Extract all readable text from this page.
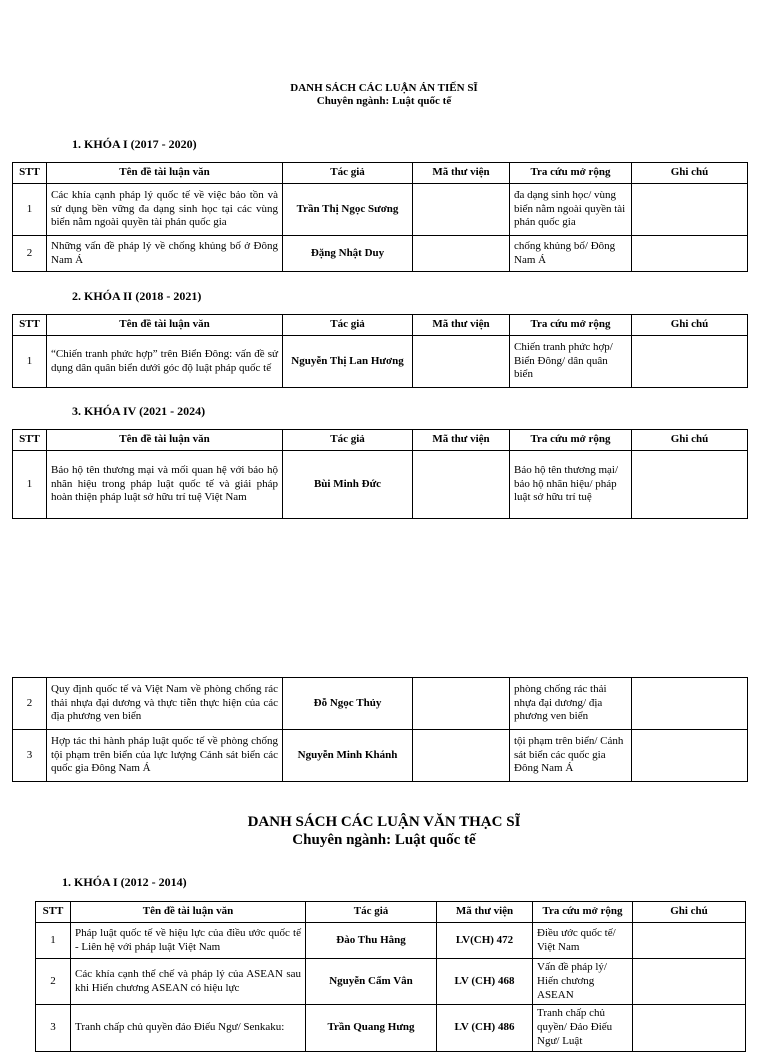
DANH SÁCH CÁC LUẬN ÁN TIẾN SĨ
Chuyên ngành: Luật quốc tế
1. KHÓA I (2017 - 2020)
STT	Tên đề tài luận văn	Tác giả	Mã thư viện	Tra cứu mở rộng	Ghi chú
1	Các khía cạnh pháp lý quốc tế về việc bảo tồn và sử dụng bền vững đa dạng sinh học tại các vùng biển nằm ngoài quyền tài phán quốc gia	Trần Thị Ngọc Sương		đa dạng sinh học/ vùng biển nằm ngoài quyền tài phán quốc gia	
2	Những vấn đề pháp lý về chống khủng bố ở Đông Nam Á	Đặng Nhật Duy		chống khủng bố/ Đông Nam Á	
2. KHÓA II (2018 - 2021)
STT	Tên đề tài luận văn	Tác giả	Mã thư viện	Tra cứu mở rộng	Ghi chú
1	“Chiến tranh phức hợp” trên Biển Đông: vấn đề sử dụng dân quân biển dưới góc độ luật pháp quốc tế	Nguyễn Thị Lan Hương		Chiến tranh phức hợp/ Biển Đông/ dân quân biển	
3. KHÓA IV (2021 - 2024)
STT	Tên đề tài luận văn	Tác giả	Mã thư viện	Tra cứu mở rộng	Ghi chú
1	Bảo hộ tên thương mại và mối quan hệ với bảo hộ nhãn hiệu trong pháp luật quốc tế và giải pháp hoàn thiện pháp luật sở hữu trí tuệ Việt Nam	Bùi Minh Đức		Bảo hộ tên thương mại/ bảo hộ nhãn hiệu/ pháp luật sở hữu trí tuệ	
2	Quy định quốc tế và Việt Nam về phòng chống rác thải nhựa đại dương và thực tiễn thực hiện của các địa phương ven biển	Đỗ Ngọc Thủy		phòng chống rác thải nhựa đại dương/ địa phương ven biển	
3	Hợp tác thi hành pháp luật quốc tế về phòng chống tội phạm trên biển của lực lượng Cảnh sát biển các quốc gia Đông Nam Á	Nguyễn Minh Khánh		tội phạm trên biển/ Cảnh sát biển các quốc gia Đông Nam Á	
DANH SÁCH CÁC LUẬN VĂN THẠC SĨ
Chuyên ngành: Luật quốc tế
1. KHÓA I (2012 - 2014)
STT	Tên đề tài luận văn	Tác giả	Mã thư viện	Tra cứu mở rộng	Ghi chú
1	Pháp luật quốc tế về hiệu lực của điều ước quốc tế - Liên hệ với pháp luật Việt Nam	Đào Thu Hằng	LV(CH) 472	Điều ước quốc tế/ Việt Nam	
2	Các khía cạnh thể chế và pháp lý của ASEAN sau khi Hiến chương ASEAN có hiệu lực	Nguyễn Cẩm Vân	LV (CH) 468	Vấn đề pháp lý/ Hiến chương ASEAN	
3	Tranh chấp chủ quyền đảo Điếu Ngư/ Senkaku:	Trần Quang Hưng	LV (CH) 486	Tranh chấp chủ quyền/ Đảo Điếu Ngư/ Luật	
